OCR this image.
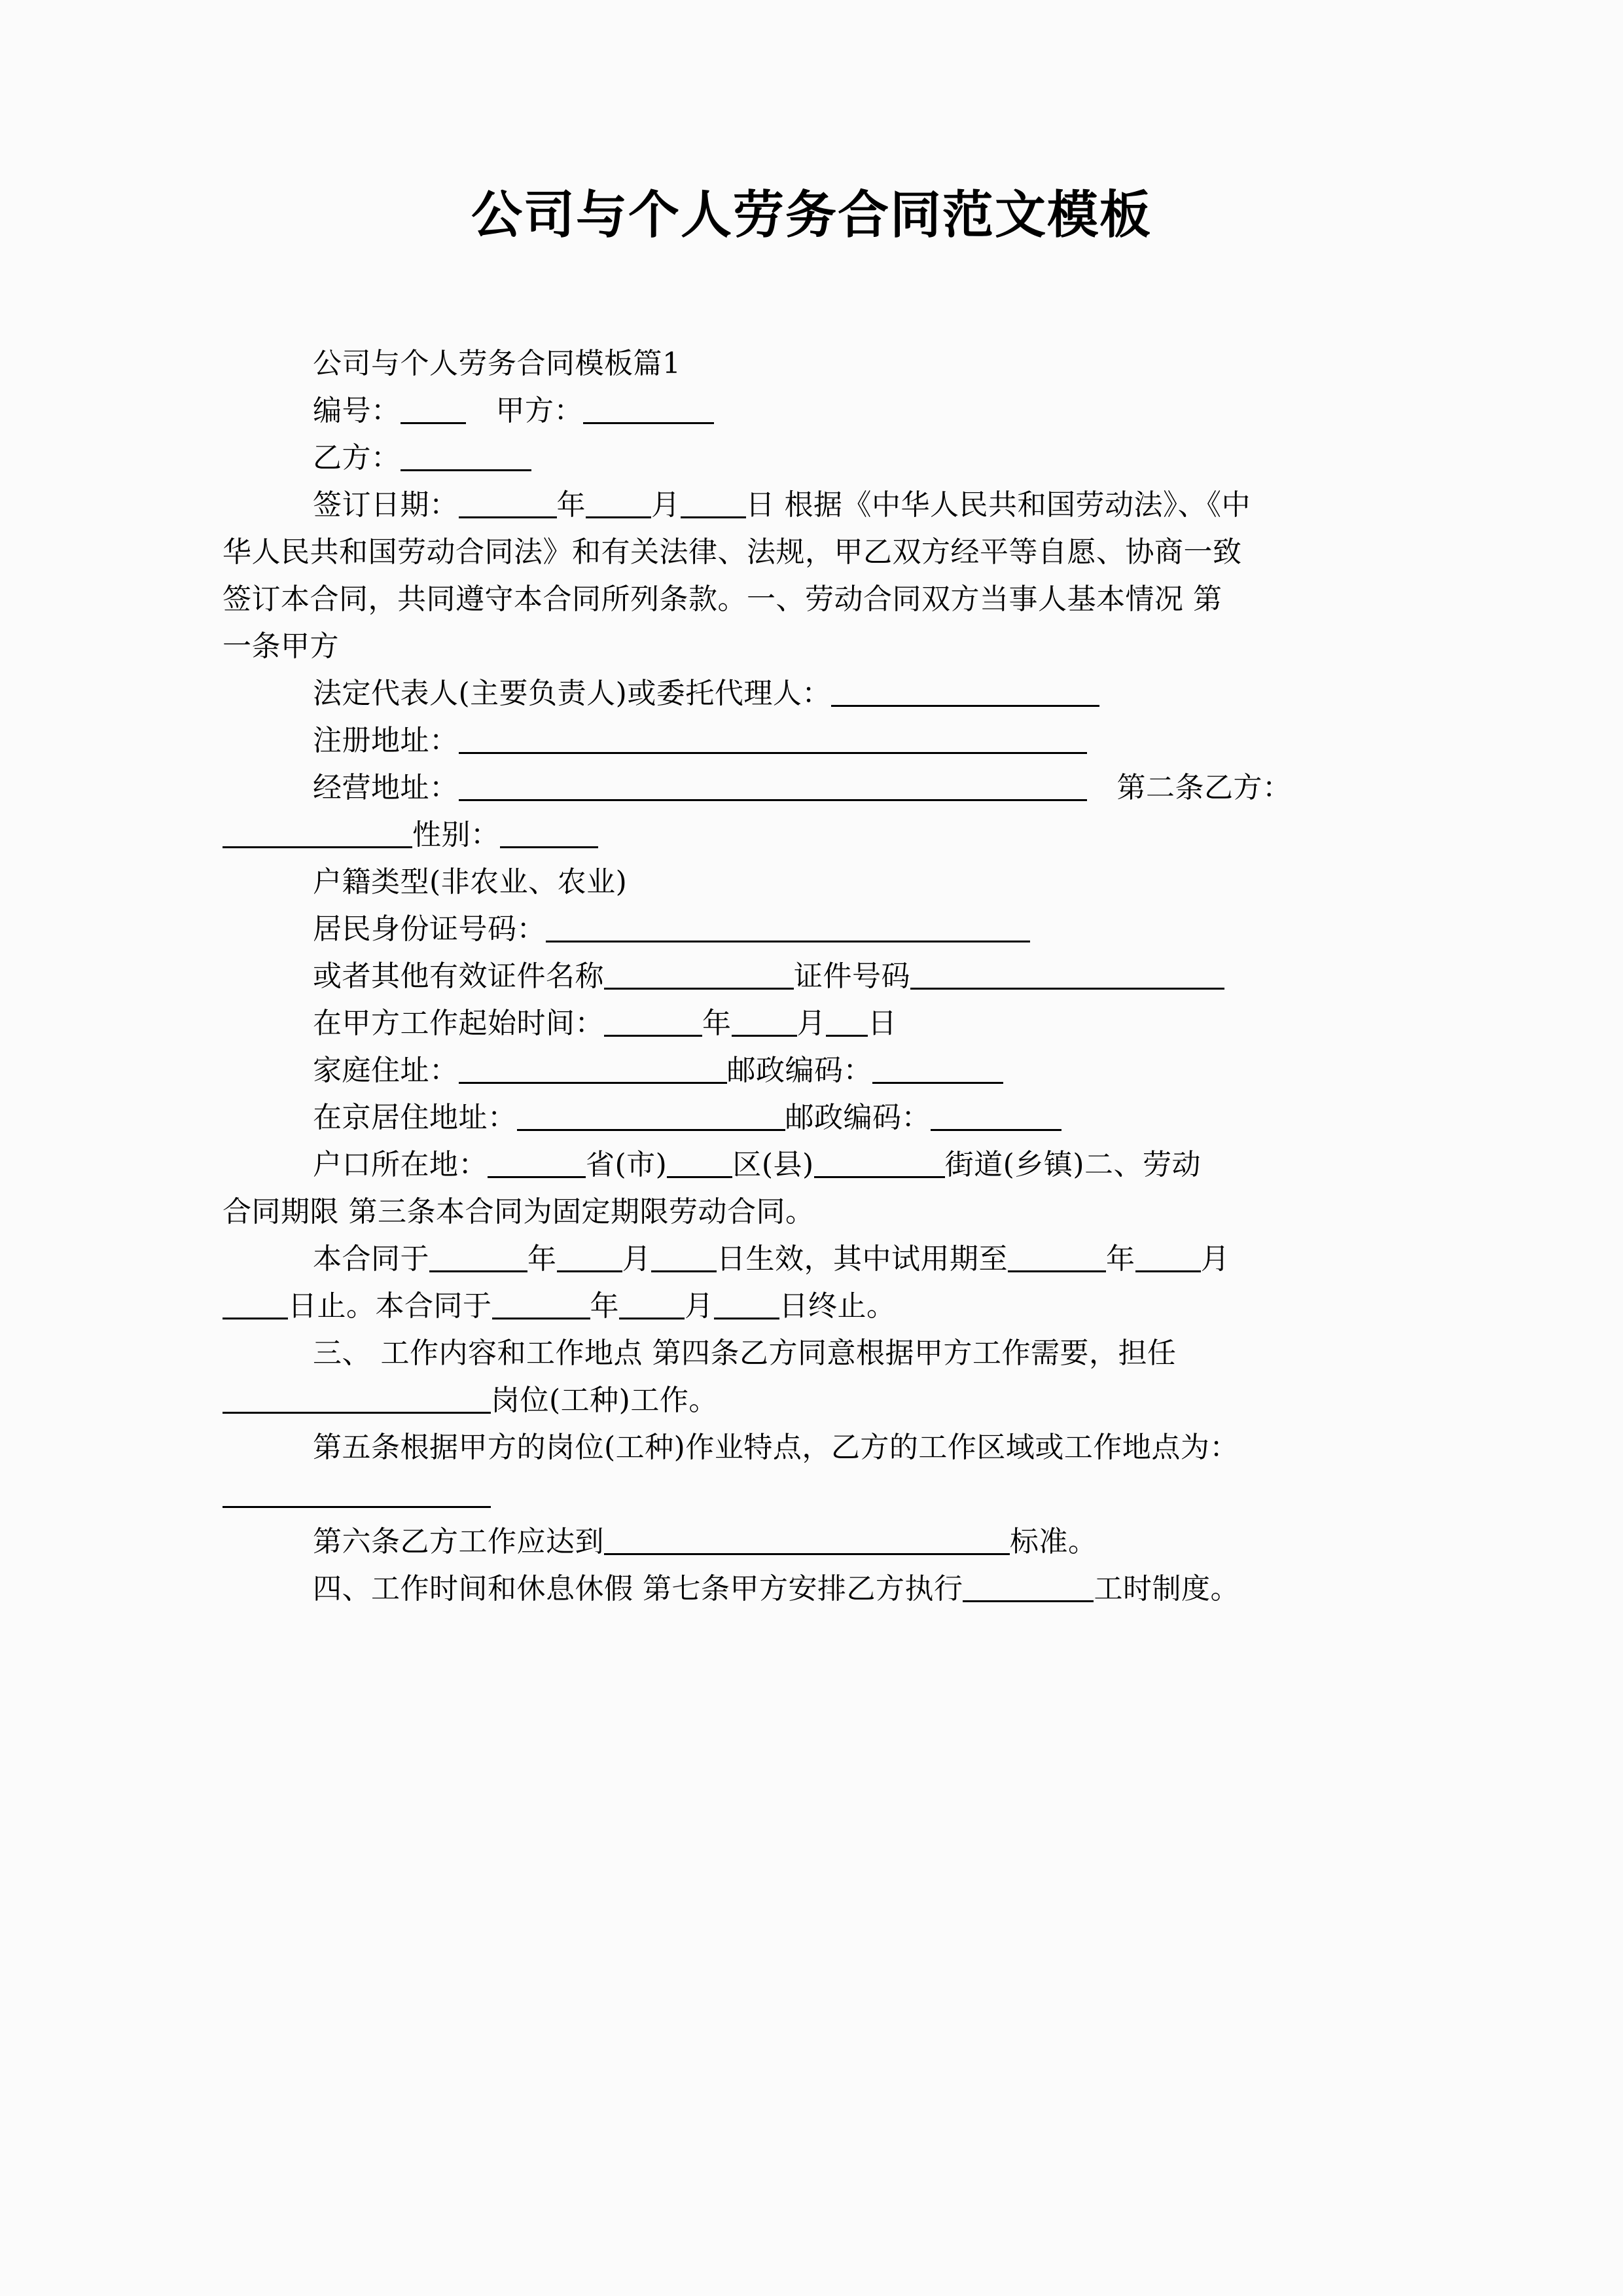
公司与个人劳务合同范文模板
公司与个人劳务合同模板篇1
编号：	甲方：
乙方：
签订日期：	年 月 日 根据《中华人民共和国劳动法》、《中
华人民共和国劳动合同法》和有关法律、法规，甲乙双方经平等自愿、协商一致
签订本合同，共同遵守本合同所列条款。一、劳动合同双方当事人基本情况 第
一条甲方
法定代表人(主要负责人)或委托代理人：
注册地址：
经营地址：	第二条乙方：
性别：
户籍类型(非农业、农业)
居民身份证号码：
或者其他有效证件名称	证件号码
在甲方工作起始时间：	年 月 日
家庭住址：	邮政编码：
在京居住地址：	邮政编码：
户口所在地：	省(市) 区(县)	街道(乡镇)二、劳动
合同期限 第三条本合同为固定期限劳动合同。
本合同于	年 月 日生效，其中试用期至	年 月
日止。本合同于	年 月 日终止。
三、 工作内容和工作地点 第四条乙方同意根据甲方工作需要，担任
岗位(工种)工作。
第五条根据甲方的岗位(工种)作业特点，乙方的工作区域或工作地点为：
第六条乙方工作应达到	标准。
四、工作时间和休息休假 第七条甲方安排乙方执行	工时制度。
